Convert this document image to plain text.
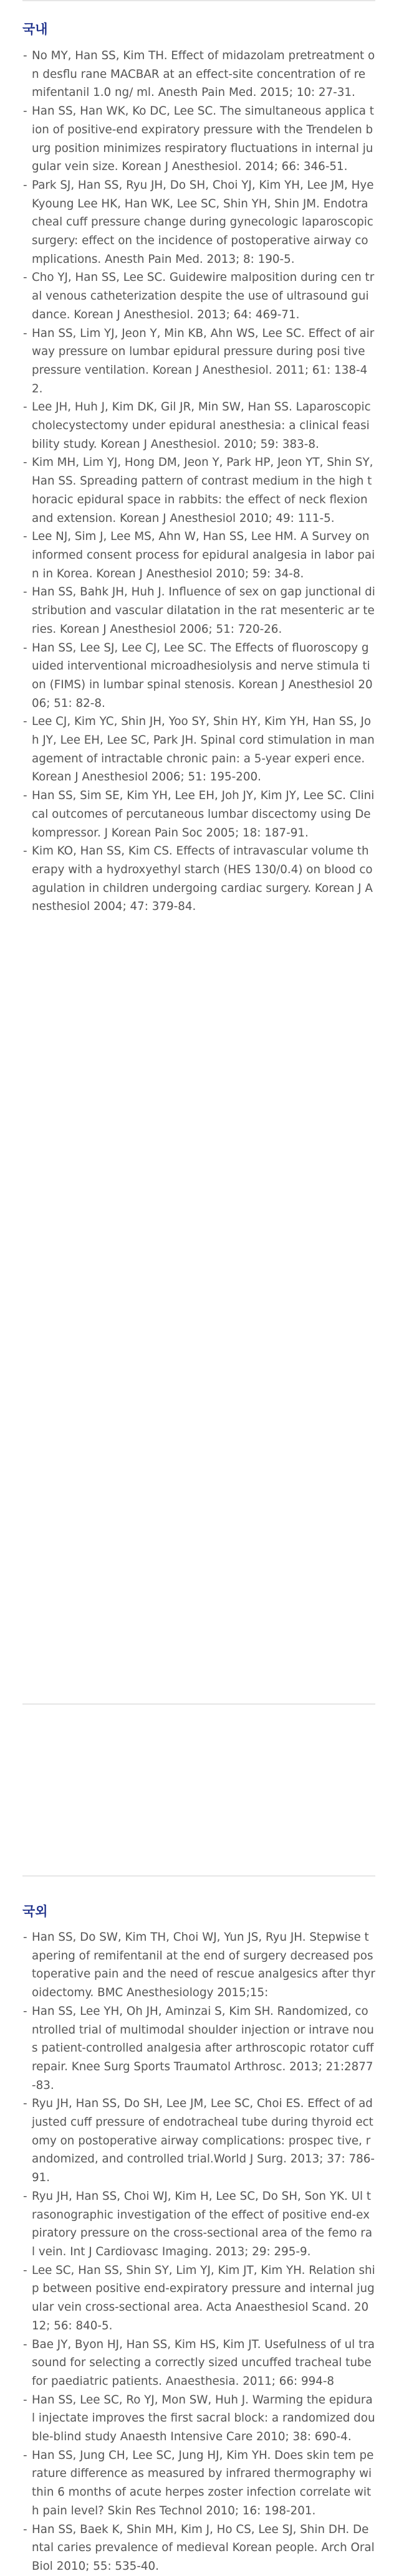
국내
- No MY, Han SS, Kim TH. Effect of midazolam pretreatment on desflu rane MACBAR at an effect-site concentration of remifentanil 1.0 ng/ ml. Anesth Pain Med. 2015; 10: 27-31.
- Han SS, Han WK, Ko DC, Lee SC. The simultaneous applica tion of positive-end expiratory pressure with the Trendelen burg position minimizes respiratory fluctuations in internal jugular vein size. Korean J Anesthesiol. 2014; 66: 346-51.
- Park SJ, Han SS, Ryu JH, Do SH, Choi YJ, Kim YH, Lee JM, Hye Kyoung Lee HK, Han WK, Lee SC, Shin YH, Shin JM. Endotra cheal cuff pressure change during gynecologic laparoscopic surgery: effect on the incidence of postoperative airway complications. Anesth Pain Med. 2013; 8: 190-5.
- Cho YJ, Han SS, Lee SC. Guidewire malposition during cen tral venous catheterization despite the use of ultrasound guidance. Korean J Anesthesiol. 2013; 64: 469-71.
- Han SS, Lim YJ, Jeon Y, Min KB, Ahn WS, Lee SC. Effect of airway pressure on lumbar epidural pressure during posi tive pressure ventilation. Korean J Anesthesiol. 2011; 61: 138-42.
- Lee JH, Huh J, Kim DK, Gil JR, Min SW, Han SS. Laparoscopic cholecystectomy under epidural anesthesia: a clinical feasi bility study. Korean J Anesthesiol. 2010; 59: 383-8.
- Kim MH, Lim YJ, Hong DM, Jeon Y, Park HP, Jeon YT, Shin SY, Han SS. Spreading pattern of contrast medium in the high thoracic epidural space in rabbits: the effect of neck flexion and extension. Korean J Anesthesiol 2010; 49: 111-5.
- Lee NJ, Sim J, Lee MS, Ahn W, Han SS, Lee HM. A Survey on informed consent process for epidural analgesia in labor pain in Korea. Korean J Anesthesiol 2010; 59: 34-8.
- Han SS, Bahk JH, Huh J. Influence of sex on gap junctional distribution and vascular dilatation in the rat mesenteric ar teries. Korean J Anesthesiol 2006; 51: 720-26.
- Han SS, Lee SJ, Lee CJ, Lee SC. The Effects of fluoroscopy guided interventional microadhesiolysis and nerve stimula tion (FIMS) in lumbar spinal stenosis. Korean J Anesthesiol 2006; 51: 82-8.
- Lee CJ, Kim YC, Shin JH, Yoo SY, Shin HY, Kim YH, Han SS, Joh JY, Lee EH, Lee SC, Park JH. Spinal cord stimulation in management of intractable chronic pain: a 5-year experi ence. Korean J Anesthesiol 2006; 51: 195-200.
- Han SS, Sim SE, Kim YH, Lee EH, Joh JY, Kim JY, Lee SC. Clinical outcomes of percutaneous lumbar discectomy using Dekompressor. J Korean Pain Soc 2005; 18: 187-91.
- Kim KO, Han SS, Kim CS. Effects of intravascular volume therapy with a hydroxyethyl starch (HES 130/0.4) on blood coagulation in children undergoing cardiac surgery. Korean J Anesthesiol 2004; 47: 379-84.
국외
- Han SS, Do SW, Kim TH, Choi WJ, Yun JS, Ryu JH. Stepwise tapering of remifentanil at the end of surgery decreased postoperative pain and the need of rescue analgesics after thyroidectomy. BMC Anesthesiology 2015;15:
- Han SS, Lee YH, Oh JH, Aminzai S, Kim SH. Randomized, controlled trial of multimodal shoulder injection or intrave nous patient-controlled analgesia after arthroscopic rotator cuff repair. Knee Surg Sports Traumatol Arthrosc. 2013; 21:2877-83.
- Ryu JH, Han SS, Do SH, Lee JM, Lee SC, Choi ES. Effect of adjusted cuff pressure of endotracheal tube during thyroid ectomy on postoperative airway complications: prospec tive, randomized, and controlled trial.World J Surg. 2013; 37: 786-91.
- Ryu JH, Han SS, Choi WJ, Kim H, Lee SC, Do SH, Son YK. Ul trasonographic investigation of the effect of positive end-expiratory pressure on the cross-sectional area of the femo ral vein. Int J Cardiovasc Imaging. 2013; 29: 295-9.
- Lee SC, Han SS, Shin SY, Lim YJ, Kim JT, Kim YH. Relation ship between positive end-expiratory pressure and internal jugular vein cross-sectional area. Acta Anaesthesiol Scand. 2012; 56: 840-5.
- Bae JY, Byon HJ, Han SS, Kim HS, Kim JT. Usefulness of ul trasound for selecting a correctly sized uncuffed tracheal tube for paediatric patients. Anaesthesia. 2011; 66: 994-8
- Han SS, Lee SC, Ro YJ, Mon SW, Huh J. Warming the epidural injectate improves the first sacral block: a randomized double-blind study Anaesth Intensive Care 2010; 38: 690-4.
- Han SS, Jung CH, Lee SC, Jung HJ, Kim YH. Does skin tem perature difference as measured by infrared thermography within 6 months of acute herpes zoster infection correlate with pain level? Skin Res Technol 2010; 16: 198-201.
- Han SS, Baek K, Shin MH, Kim J, Ho CS, Lee SJ, Shin DH. Dental caries prevalence of medieval Korean people. Arch Oral Biol 2010; 55: 535-40.
